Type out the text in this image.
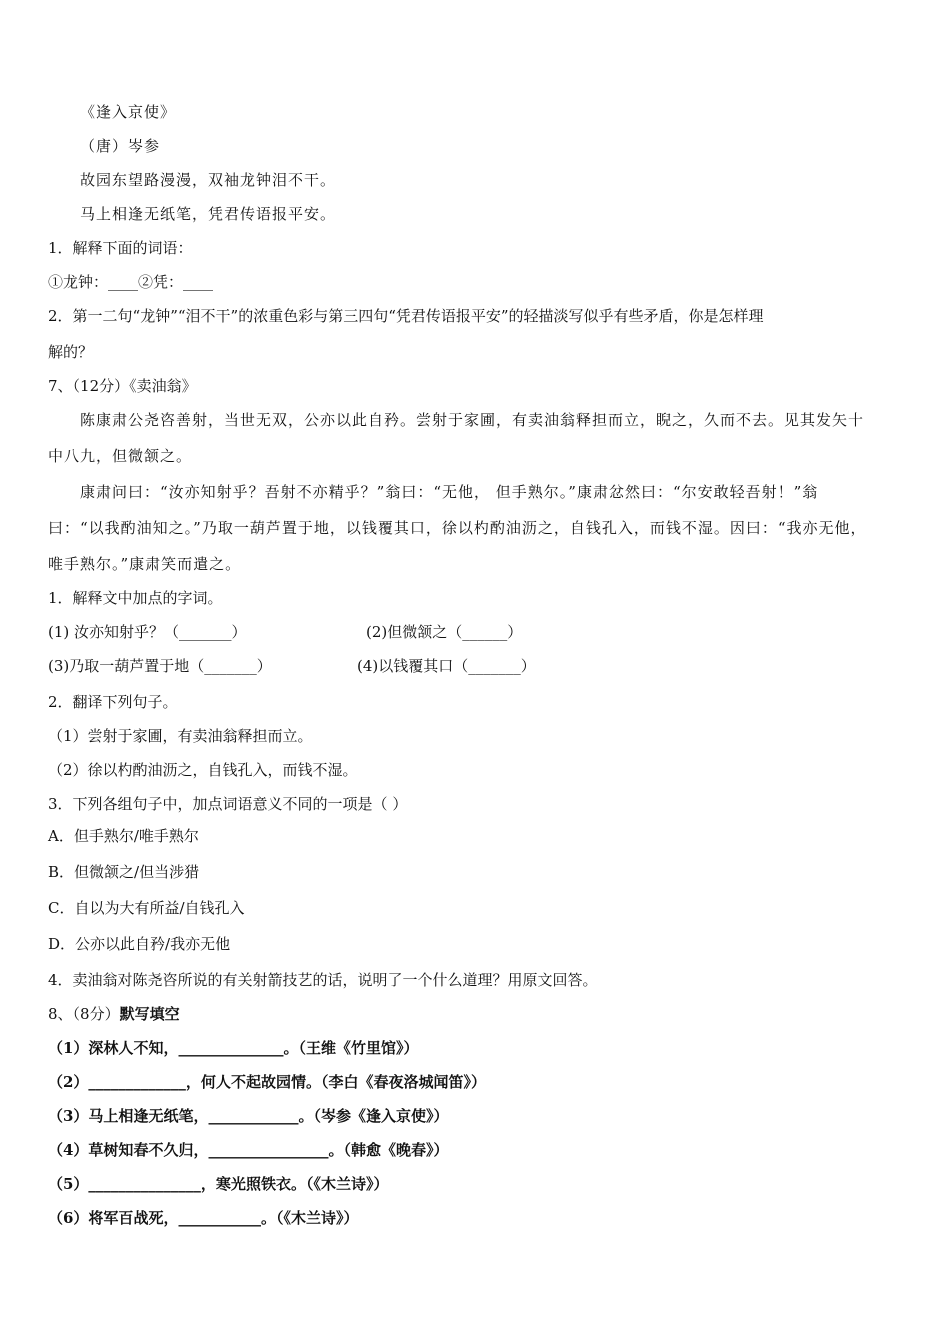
《逢入京使》
（唐）岑参
故园东望路漫漫，双袖龙钟泪不干。
马上相逢无纸笔，凭君传语报平安。
1．解释下面的词语：
①龙钟：____②凭：____
2．第一二句“龙钟”“泪不干”的浓重色彩与第三四句“凭君传语报平安”的轻描淡写似乎有些矛盾，你是怎样理
解的？
7、（12分）《卖油翁》
陈康肃公尧咨善射，当世无双，公亦以此自矜。尝射于家圃，有卖油翁释担而立，睨之，久而不去。见其发矢十
中八九，但微颔之。
康肃问曰：“汝亦知射乎？吾射不亦精乎？”翁曰：“无他， 但手熟尔。”康肃忿然曰：“尔安敢轻吾射！”翁
曰：“以我酌油知之。”乃取一葫芦置于地，以钱覆其口，徐以杓酌油沥之，自钱孔入，而钱不湿。因曰：“我亦无他，
唯手熟尔。”康肃笑而遣之。
1．解释文中加点的字词。
(1) 汝亦知射乎？（_______）	(2)但微颔之（______）
(3)乃取一葫芦置于地（_______）	(4)以钱覆其口（_______）
2．翻译下列句子。
（1）尝射于家圃，有卖油翁释担而立。
（2）徐以杓酌油沥之，自钱孔入，而钱不湿。
3．下列各组句子中，加点词语意义不同的一项是（ ）
A．但手熟尔/唯手熟尔
B．但微颔之/但当涉猎
C．自以为大有所益/自钱孔入
D．公亦以此自矜/我亦无他
4．卖油翁对陈尧咨所说的有关射箭技艺的话，说明了一个什么道理？用原文回答。
8、（8分）默写填空
（1）深林人不知，______________。（王维《竹里馆》）
（2）_____________，何人不起故园情。（李白《春夜洛城闻笛》）
（3）马上相逢无纸笔，____________。（岑参《逢入京使》）
（4）草树知春不久归，________________。（韩愈《晚春》）
（5）_______________，寒光照铁衣。（《木兰诗》）
（6）将军百战死，___________。（《木兰诗》）
